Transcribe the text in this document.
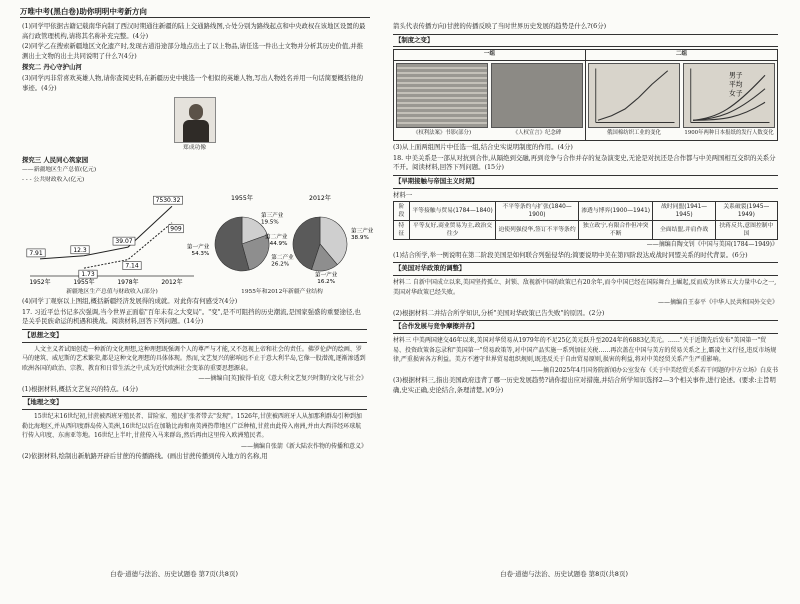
万唯中考(黑白卷)助你明明中考新方向

(1)同学甲依据古籍记载南华向制了西汉时期通往新疆的陆上交通路线图,☆处分别为路线起点和中央政权在该地区设置的最高行政管理机构,请将其名称补充完整。(4分)

(2)同学乙在搜索新疆地区文化遗产时,发现古道沿途部分地点出土了以上物品,请任选一件出土文物并分析其历史价值,并推测出土文物的出土共同说明了什么?(4分)

探究二 丹心守护山河

(3)同学丙非常喜欢英雄人物,请你查阅史料,在新疆历史中挑选一个相似的英雄人物,写出人物姓名并用一句话简要概括他的事迹。(4分)

郑成功像

探究三 人民同心筑家园

——新疆地区生产总值(亿元)
- - - 公共财政收入(亿元)
1952年	1955年	1978年	2012年
7.91	12.3
39.07
7530.32
1.73
7.14
909
1955年
第三产业
19.5%
第二产业
26.2%
第一产业
54.3%
2012年
第三产业
38.9%
第一产业
16.2%
第二产业
44.9%
新疆地区生产总值与财政收入(部分)	1955年和2012年新疆产业结构

(4)同学丁观察以上图组,概括新疆经济发展得的成就。对此你有何感受?(4分)

17. 习近平总书记多次强调,当今世界正面临"百年未有之大变局"。"变",是不可阻挡的历史潮流,是国家强盛的重要途径,也是关乎民族命运的机遇和挑战。阅读材料,回答下列问题。(14分)

【思想之变】

人文主义者试图创造一种新的文化理想,这种理想既强调个人的尊严与才能,又不忽视上帝和社会的责任。佛罗伦萨的绘画、罗马的建筑、威尼斯的艺术繁荣,都是这种文化理想的具体体现。然而,文艺复兴的影响远不止于意大利半岛,它像一股潜流,逐渐渗透到欧洲各国的政治、宗教、教育和日常生活之中,成为近代欧洲社会变革的重要思想源泉。

——摘编自[英]彼得·伯克《意大利文艺复兴时期的文化与社会》

(1)根据材料,概括文艺复兴的特点。(4分)

【地理之变】

15世纪末16世纪初,甘蔗被西班牙殖民者、冒险家、殖民扩张者带去"发现"。1526年,甘蔗被西班牙人从加那利群岛引种到加勒比海地区,并从西印度群岛传入美洲,16世纪以后在加勒比海和南美洲热带地区广泛种植,甘蔗由此传入南洲,并由大西洋经环球航行传入印度、东南亚等地。16世纪上半叶,甘蔗传入马来群岛,然后再由这里传入欧洲殖民者。

——摘编自张箭《新大陆农作物的传播和意义》

(2)依据材料,绘制出新航路开辟后甘蔗的传播路线。(画出甘蔗传播到传入地方的名称,用

箭头代表传播方向)甘蔗的传播反映了当时世界历史发展的趋势是什么?(6分)

【制度之变】
一组
《权利法案》书影(部分)	《人权宣言》纪念碑
二组
俄国棉纺织工业的变化
男子
平均
女子
1900年两种日本报纸的发行人数变化

(3)从上面两组图片中任选一组,结合史实说明制度的作用。(4分)

18. 中美关系是一部从对抗到合作,从隔绝到交融,再到竞争与合作并存的复杂演变史,无论是对抗还是合作都与中美两国相互交织的关系分不开。阅读材料,回答下列问题。(15分)

【早期接触与帝国主义时期】

材料一

阶段	平等接触与贸易(1784—1840)	不平等条约与扩张(1840—1900)	渗透与博弈(1900—1941)	战时同盟(1941—1945)	关系破裂(1945—1949)
特征	平等友好,商业贸易为主,政治交往少	迫使列强侵华,签订不平等条约	独立政宁,有限合作但冲突不断	全面结盟,并肩作战	扶蒋反共,意图控制中国

——摘编自陶文钊《中国与美国(1784—1949)》

(1)结合所学,举一例说明在第二阶段美国是如何联合列强侵华的;简要说明中美在第四阶段达成战时同盟关系的时代背景。(6分)

【美国对华政策的调整】

材料二 自新中国成立以来,美国坚持孤立、封锁、敌视新中国的政策已有20余年,而今中国已经在国际舞台上崛起,反而成为世界五大力量中心之一,美国对华政策已经失败。

——摘编自王泰平《中华人民共和国外交史》

(2)根据材料二并结合所学知识,分析"美国对华政策已告失败"的原因。(2分)

【合作发展与竞争摩擦并存】

材料三 中美两国建交46年以来,美国对华贸易从1979年的不足25亿美元跃升至2024年的6883亿美元。……"关于近期先后发布"美国第一"贸易、投资政策备忘录和"美国第一"贸易政策等,对中国产品实施一系列加征关税……再次盖在中国与美方的贸易关系之上,霸凌主义行径,违反市场规律,严重损害各方利益。美方不遵守世界贸易组织规则,既违反关于自由贸易原则,损害的利益,将对中美经贸关系产生严重影响。

——摘自2025年4月国务院新闻办公室发布《关于中美经贸关系若干问题的中方立场》白皮书

(3)根据材料三,指出美国政府违背了哪一历史发展趋势?请你提出应对措施,并结合所学知识选择2—3个相关事件,进行论述。(要求:主旨明确,史实正确,史论结合,条理清楚。)(9分)

白卷·道德与法治、历史试题卷 第7页(共8页)	白卷·道德与法治、历史试题卷 第8页(共8页)
